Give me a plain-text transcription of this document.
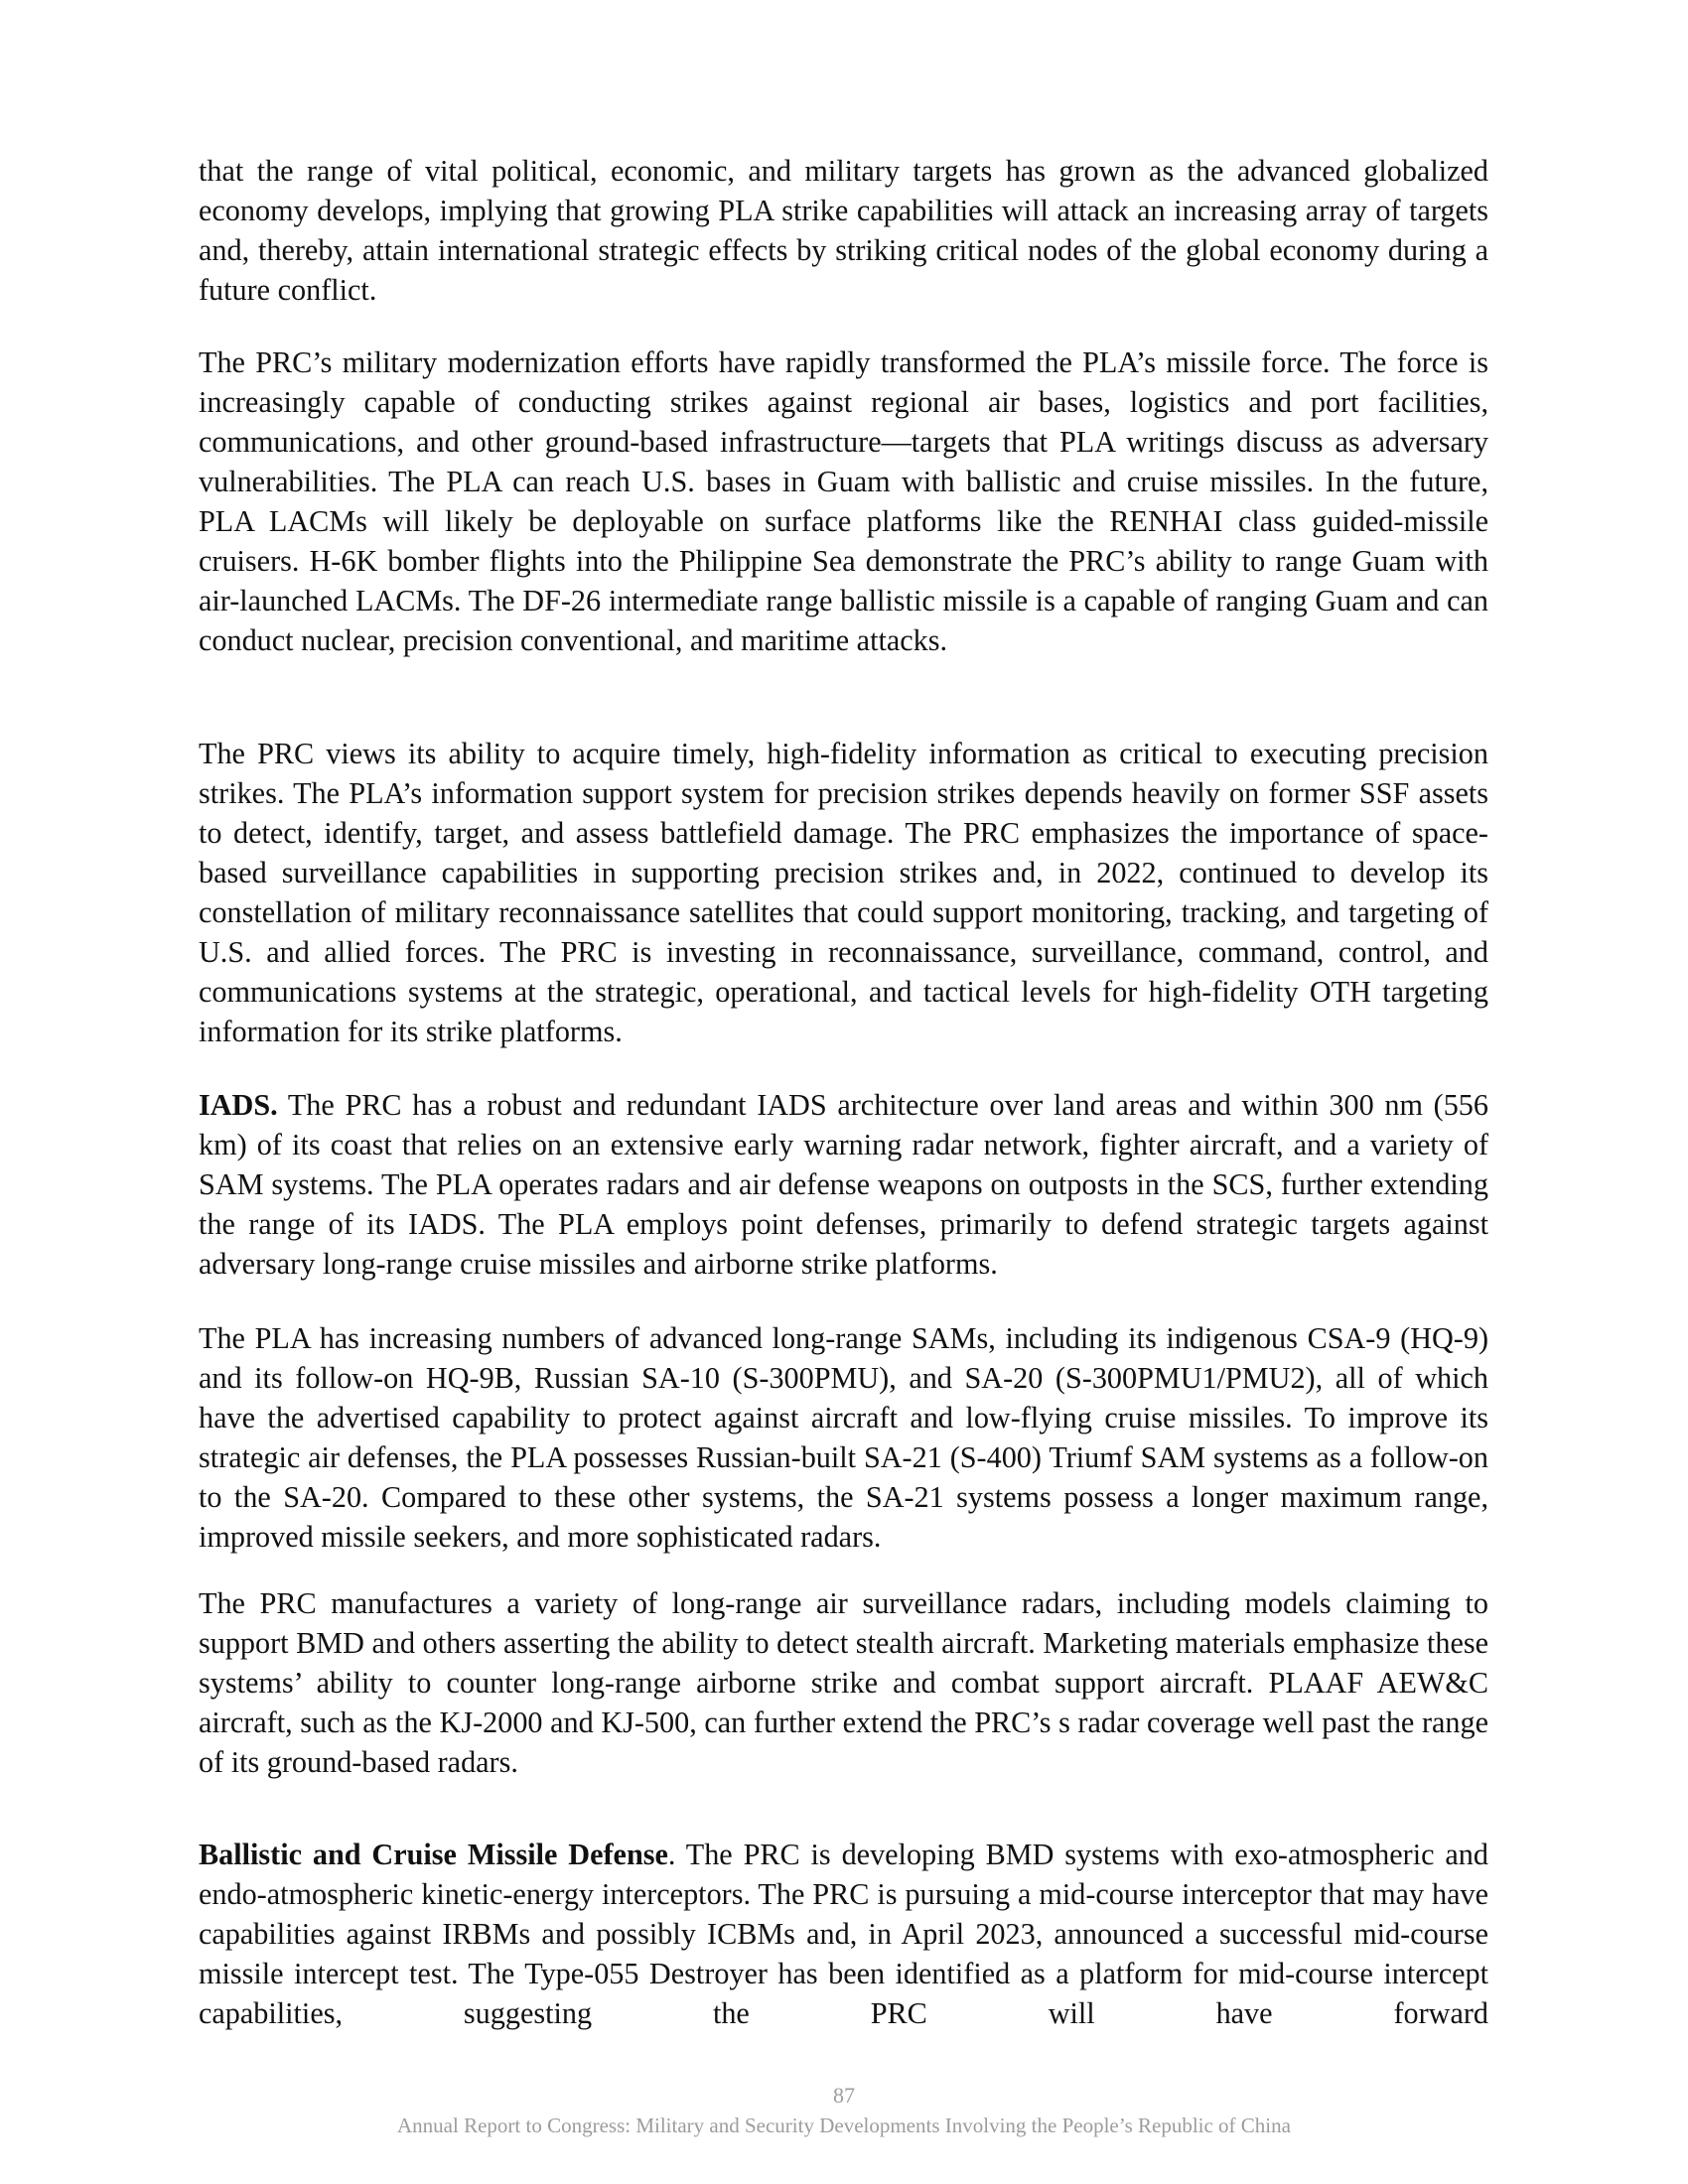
that the range of vital political, economic, and military targets has grown as the advanced globalized economy develops, implying that growing PLA strike capabilities will attack an increasing array of targets and, thereby, attain international strategic effects by striking critical nodes of the global economy during a future conflict.

The PRC’s military modernization efforts have rapidly transformed the PLA’s missile force. The force is increasingly capable of conducting strikes against regional air bases, logistics and port facilities, communications, and other ground-based infrastructure—targets that PLA writings discuss as adversary vulnerabilities. The PLA can reach U.S. bases in Guam with ballistic and cruise missiles. In the future, PLA LACMs will likely be deployable on surface platforms like the RENHAI class guided-missile cruisers. H-6K bomber flights into the Philippine Sea demonstrate the PRC’s ability to range Guam with air-launched LACMs. The DF-26 intermediate range ballistic missile is a capable of ranging Guam and can conduct nuclear, precision conventional, and maritime attacks.

The PRC views its ability to acquire timely, high-fidelity information as critical to executing precision strikes. The PLA’s information support system for precision strikes depends heavily on former SSF assets to detect, identify, target, and assess battlefield damage. The PRC emphasizes the importance of space-based surveillance capabilities in supporting precision strikes and, in 2022, continued to develop its constellation of military reconnaissance satellites that could support monitoring, tracking, and targeting of U.S. and allied forces. The PRC is investing in reconnaissance, surveillance, command, control, and communications systems at the strategic, operational, and tactical levels for high-fidelity OTH targeting information for its strike platforms.

IADS. The PRC has a robust and redundant IADS architecture over land areas and within 300 nm (556 km) of its coast that relies on an extensive early warning radar network, fighter aircraft, and a variety of SAM systems. The PLA operates radars and air defense weapons on outposts in the SCS, further extending the range of its IADS. The PLA employs point defenses, primarily to defend strategic targets against adversary long-range cruise missiles and airborne strike platforms.

The PLA has increasing numbers of advanced long-range SAMs, including its indigenous CSA-9 (HQ-9) and its follow-on HQ-9B, Russian SA-10 (S-300PMU), and SA-20 (S-300PMU1/PMU2), all of which have the advertised capability to protect against aircraft and low-flying cruise missiles. To improve its strategic air defenses, the PLA possesses Russian-built SA-21 (S-400) Triumf SAM systems as a follow-on to the SA-20. Compared to these other systems, the SA-21 systems possess a longer maximum range, improved missile seekers, and more sophisticated radars.

The PRC manufactures a variety of long-range air surveillance radars, including models claiming to support BMD and others asserting the ability to detect stealth aircraft. Marketing materials emphasize these systems’ ability to counter long-range airborne strike and combat support aircraft. PLAAF AEW&C aircraft, such as the KJ-2000 and KJ-500, can further extend the PRC’s s radar coverage well past the range of its ground-based radars.

Ballistic and Cruise Missile Defense. The PRC is developing BMD systems with exo-atmospheric and endo-atmospheric kinetic-energy interceptors. The PRC is pursuing a mid-course interceptor that may have capabilities against IRBMs and possibly ICBMs and, in April 2023, announced a successful mid-course missile intercept test. The Type-055 Destroyer has been identified as a platform for mid-course intercept capabilities, suggesting the PRC will have forward

87
Annual Report to Congress: Military and Security Developments Involving the People’s Republic of China
